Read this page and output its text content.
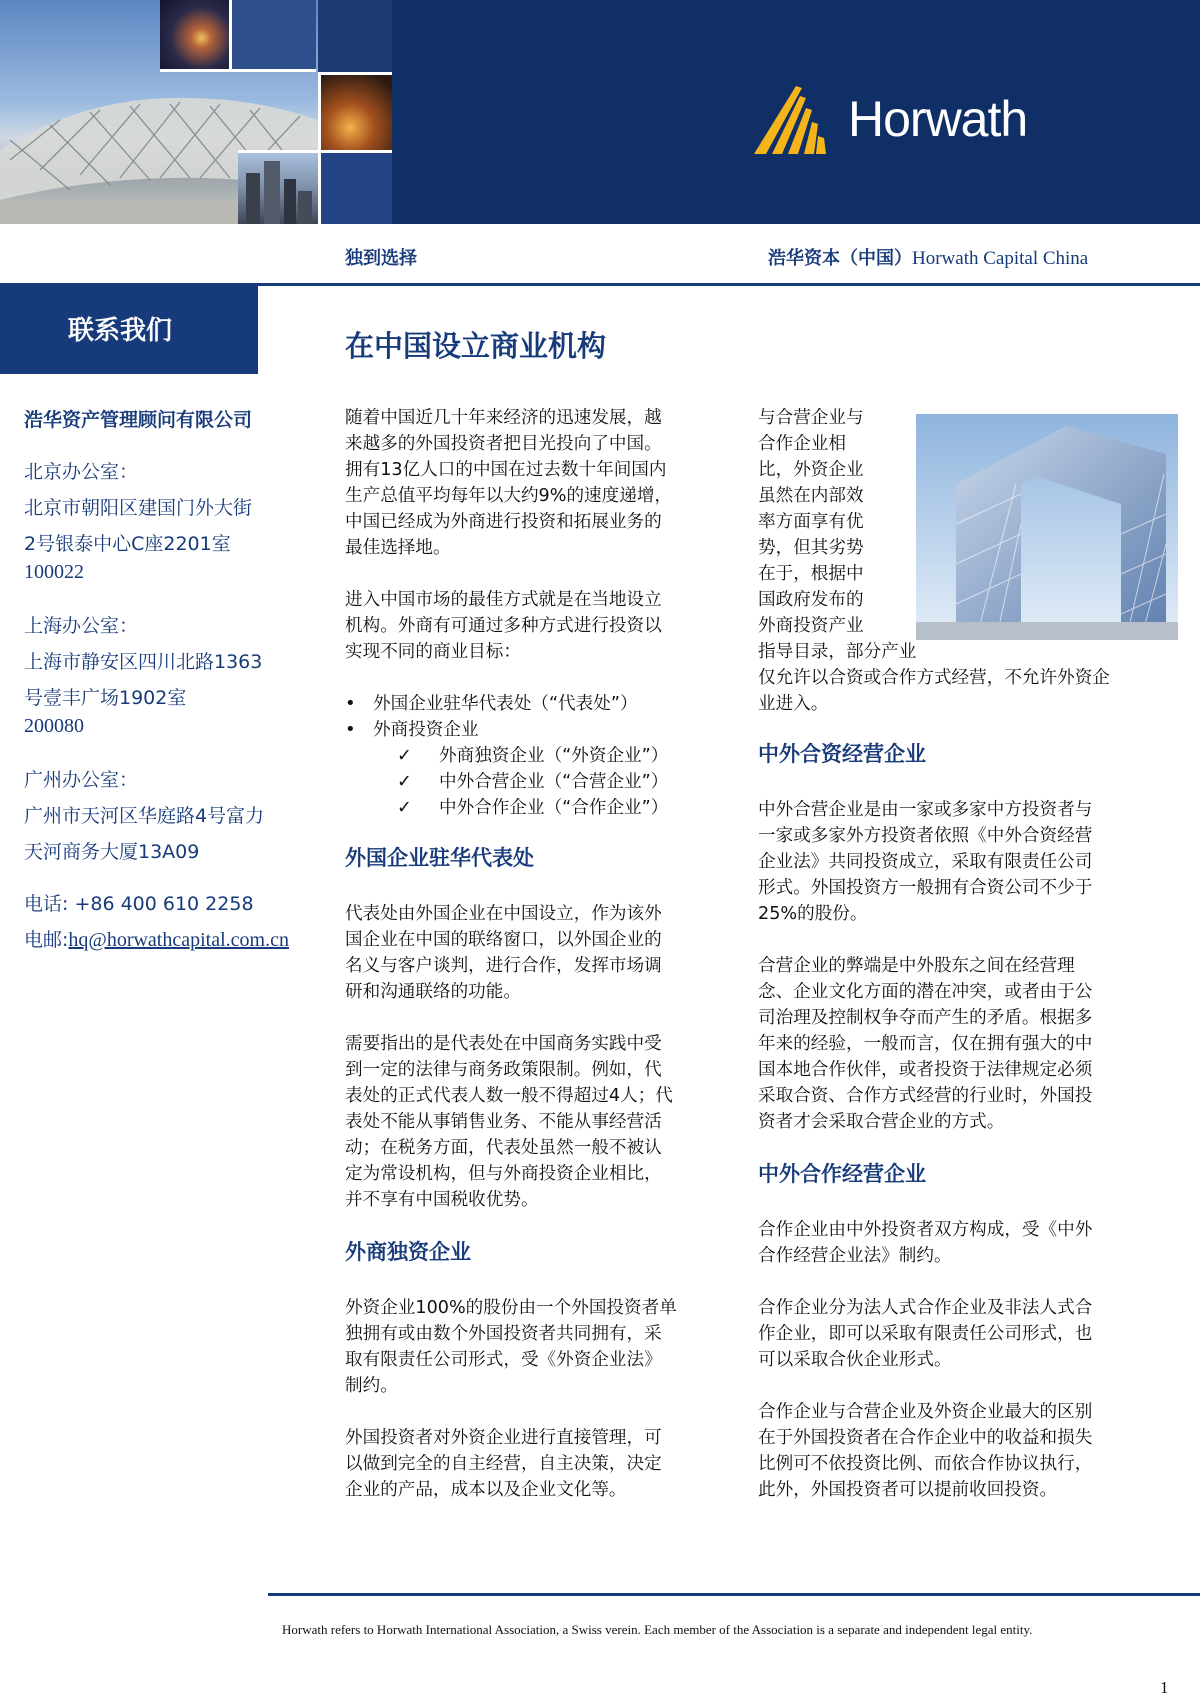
Horwath
独到选择	浩华资本（中国）Horwath Capital China
联系我们
浩华资产管理顾问有限公司
北京办公室：
北京市朝阳区建国门外大街
2号银泰中心C座2201室
100022
上海办公室：
上海市静安区四川北路1363
号壹丰广场1902室
200080
广州办公室：
广州市天河区华庭路4号富力
天河商务大厦13A09
电话: +86 400 610 2258
电邮:hq@horwathcapital.com.cn
在中国设立商业机构
随着中国近几十年来经济的迅速发展，越
来越多的外国投资者把目光投向了中国。
拥有13亿人口的中国在过去数十年间国内
生产总值平均每年以大约9%的速度递增，
中国已经成为外商进行投资和拓展业务的
最佳选择地。
进入中国市场的最佳方式就是在当地设立
机构。外商有可通过多种方式进行投资以
实现不同的商业目标：
• 外国企业驻华代表处（“代表处”）
• 外商投资企业
✓ 外商独资企业（“外资企业”）
✓ 中外合营企业（“合营企业”）
✓ 中外合作企业（“合作企业”）
外国企业驻华代表处
代表处由外国企业在中国设立，作为该外
国企业在中国的联络窗口，以外国企业的
名义与客户谈判，进行合作，发挥市场调
研和沟通联络的功能。
需要指出的是代表处在中国商务实践中受
到一定的法律与商务政策限制。例如，代
表处的正式代表人数一般不得超过4人；代
表处不能从事销售业务、不能从事经营活
动；在税务方面，代表处虽然一般不被认
定为常设机构，但与外商投资企业相比，
并不享有中国税收优势。
外商独资企业
外资企业100%的股份由一个外国投资者单
独拥有或由数个外国投资者共同拥有，采
取有限责任公司形式，受《外资企业法》
制约。
外国投资者对外资企业进行直接管理，可
以做到完全的自主经营，自主决策，决定
企业的产品，成本以及企业文化等。
与合营企业与
合作企业相
比，外资企业
虽然在内部效
率方面享有优
势，但其劣势
在于，根据中
国政府发布的
外商投资产业
指导目录，部分产业
仅允许以合资或合作方式经营，不允许外资企
业进入。
中外合资经营企业
中外合营企业是由一家或多家中方投资者与
一家或多家外方投资者依照《中外合资经营
企业法》共同投资成立，采取有限责任公司
形式。外国投资方一般拥有合资公司不少于
25%的股份。
合营企业的弊端是中外股东之间在经营理
念、企业文化方面的潜在冲突，或者由于公
司治理及控制权争夺而产生的矛盾。根据多
年来的经验，一般而言，仅在拥有强大的中
国本地合作伙伴，或者投资于法律规定必须
采取合资、合作方式经营的行业时，外国投
资者才会采取合营企业的方式。
中外合作经营企业
合作企业由中外投资者双方构成，受《中外
合作经营企业法》制约。
合作企业分为法人式合作企业及非法人式合
作企业，即可以采取有限责任公司形式，也
可以采取合伙企业形式。
合作企业与合营企业及外资企业最大的区别
在于外国投资者在合作企业中的收益和损失
比例可不依投资比例、而依合作协议执行，
此外，外国投资者可以提前收回投资。
Horwath refers to Horwath International Association, a Swiss verein. Each member of the Association is a separate and independent legal entity.
1
